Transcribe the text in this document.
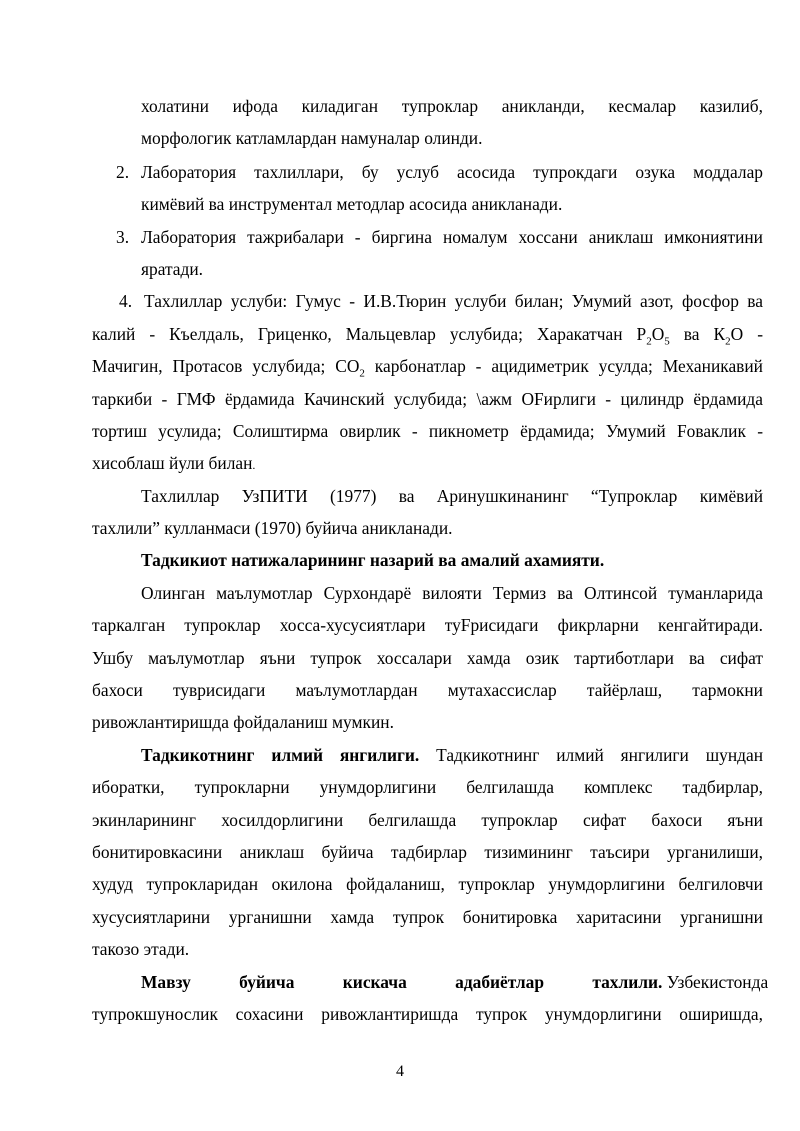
холатини ифода киладиган тупроклар аникланди, кесмалар казилиб,
морфологик катламлардан намуналар олинди.
2. Лаборатория тахлиллари, бу услуб асосида тупрокдаги озука моддалар
кимёвий ва инструментал методлар асосида аникланади.
3. Лаборатория тажрибалари - биргина номалум хоссани аниклаш имкониятини
яратади.
4. Тахлиллар услуби: Гумус - И.В.Тюрин услуби билан; Умумий азот, фосфор ва
калий - Къелдаль, Гриценко, Мальцевлар услубида; Харакатчан $Р_2О_5$ ва $К_2О$ -
Мачигин, Протасов услубида; $СО_2$ карбонатлар - ацидиметрик усулда; Механикавий
таркиби - ГМФ ёрдамида Качинский услубида; \ажм ОFирлиги - цилиндр ёрдамида
тортиш усулида; Солиштирма овирлик - пикнометр ёрдамида; Умумий Fоваклик -
хисоблаш йули билан.
Тахлиллар УзПИТИ (1977) ва Аринушкинанинг “Тупроклар кимёвий
тахлили” кулланмаси (1970) буйича аникланади.
Тадкикиот натижаларининг назарий ва амалий ахамияти.
Олинган маълумотлар Сурхондарё вилояти Термиз ва Олтинсой туманларида
таркалган тупроклар хосса-хусусиятлари туFрисидаги фикрларни кенгайтиради.
Ушбу маълумотлар яъни тупрок хоссалари хамда озик тартиботлари ва сифат
бахоси туврисидаги маълумотлардан мутахассислар тайёрлаш, тармокни
ривожлантиришда фойдаланиш мумкин.
Тадкикотнинг илмий янгилиги. Тадкикотнинг илмий янгилиги шундан
иборатки, тупрокларни унумдорлигини белгилашда комплекс тадбирлар,
экинларининг хосилдорлигини белгилашда тупроклар сифат бахоси яъни
бонитировкасини аниклаш буйича тадбирлар тизимининг таъсири урганилиши,
худуд тупрокларидан окилона фойдаланиш, тупроклар унумдорлигини белгиловчи
хусусиятларини урганишни хамда тупрок бонитировка харитасини урганишни
такозо этади.
Мавзу буйича кискача адабиётлар тахлили. Узбекистонда
тупрокшунослик сохасини ривожлантиришда тупрок унумдорлигини оширишда,
4
